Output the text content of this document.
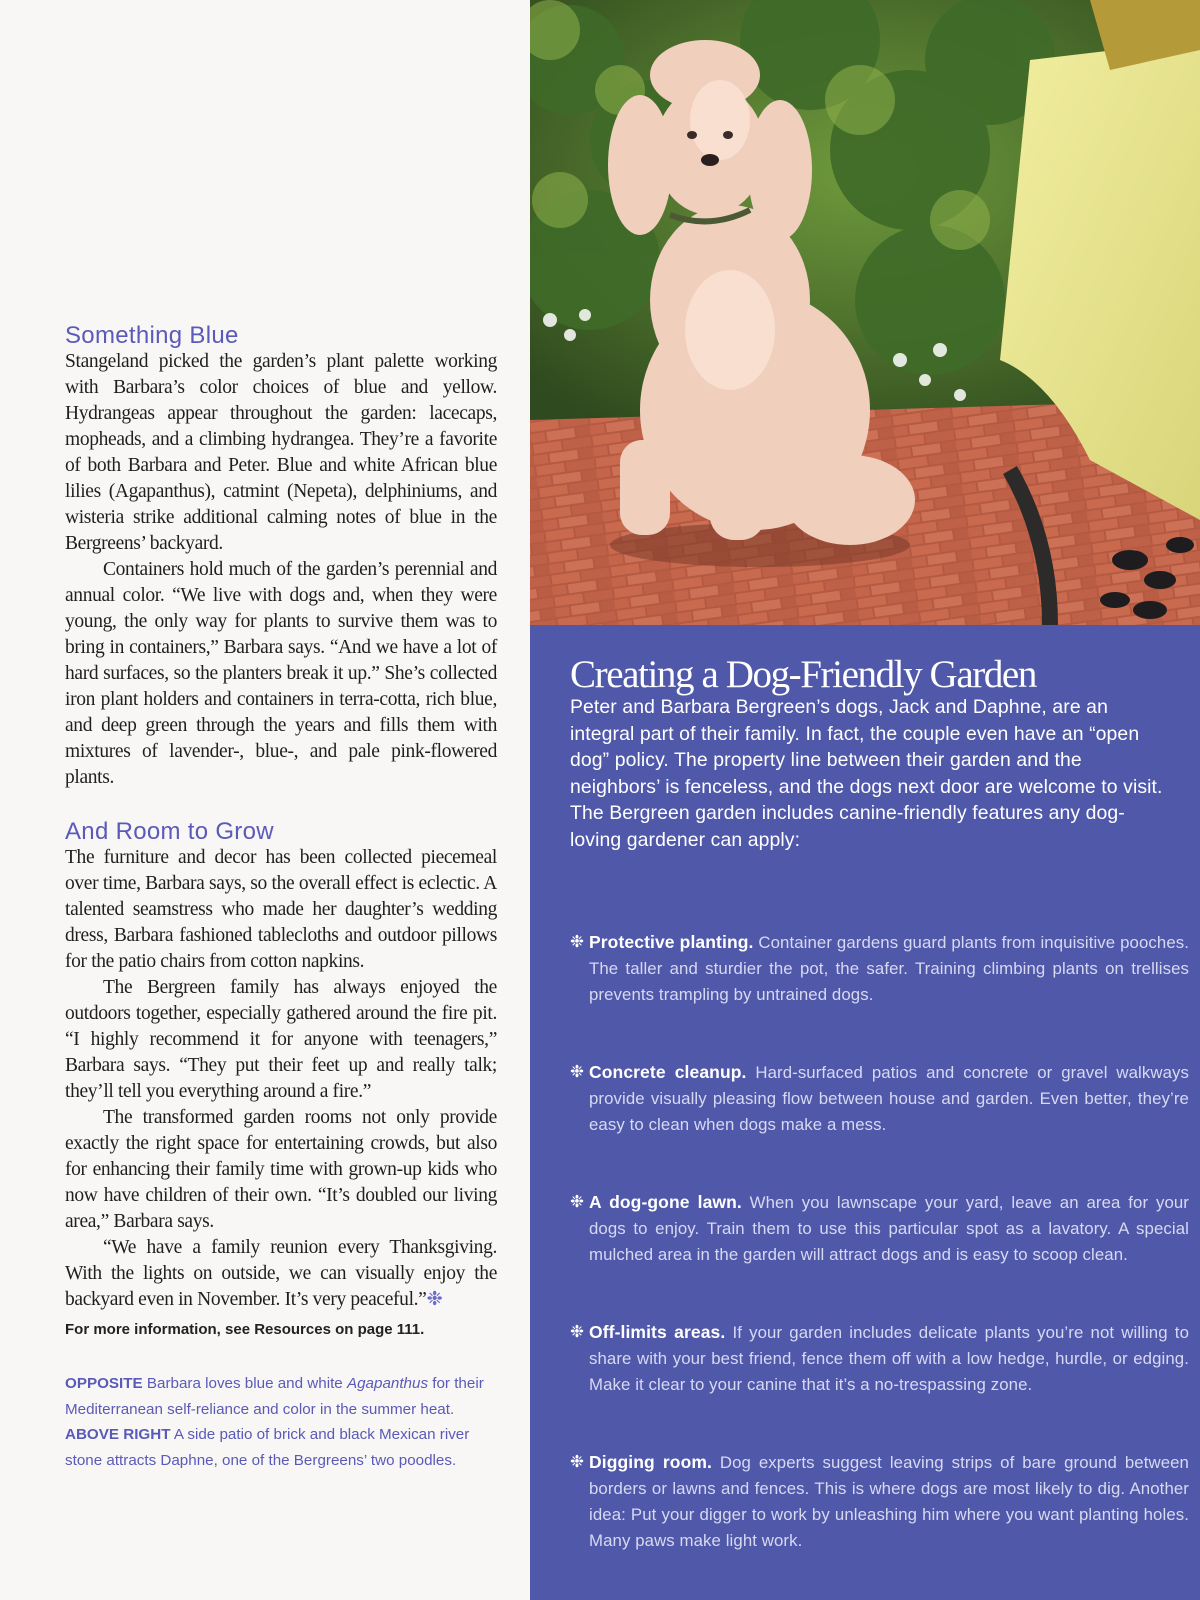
Something Blue

Stangeland picked the garden’s plant palette working with Barbara’s color choices of blue and yellow. Hydrangeas appear throughout the garden: lacecaps, mopheads, and a climbing hydrangea. They’re a favorite of both Barbara and Peter. Blue and white African blue lilies (Agapanthus), catmint (Nepeta), delphiniums, and wisteria strike additional calming notes of blue in the Bergreens’ backyard.

Containers hold much of the garden’s perennial and annual color. “We live with dogs and, when they were young, the only way for plants to survive them was to bring in containers,” Barbara says. “And we have a lot of hard surfaces, so the planters break it up.” She’s collected iron plant holders and containers in terra-cotta, rich blue, and deep green through the years and fills them with mixtures of lavender-, blue-, and pale pink-flowered plants.

And Room to Grow

The furniture and decor has been collected piecemeal over time, Barbara says, so the overall effect is eclectic. A talented seamstress who made her daughter’s wedding dress, Barbara fashioned tablecloths and outdoor pillows for the patio chairs from cotton napkins.

The Bergreen family has always enjoyed the outdoors together, especially gathered around the fire pit. “I highly recommend it for anyone with teenagers,” Barbara says. “They put their feet up and really talk; they’ll tell you everything around a fire.”

The transformed garden rooms not only provide exactly the right space for entertaining crowds, but also for enhancing their family time with grown-up kids who now have children of their own. “It’s doubled our living area,” Barbara says.

“We have a family reunion every Thanksgiving. With the lights on outside, we can visually enjoy the backyard even in November. It’s very peaceful.”❉

For more information, see Resources on page 111.

OPPOSITE Barbara loves blue and white Agapanthus for their Mediterranean self-reliance and color in the summer heat. ABOVE RIGHT A side patio of brick and black Mexican river stone attracts Daphne, one of the Bergreens’ two poodles.

Creating a Dog-Friendly Garden

Peter and Barbara Bergreen’s dogs, Jack and Daphne, are an integral part of their family. In fact, the couple even have an “open dog” policy. The property line between their garden and the neighbors’ is fenceless, and the dogs next door are welcome to visit. The Bergreen garden includes canine-friendly features any dog-loving gardener can apply:

❉ Protective planting. Container gardens guard plants from inquisitive pooches. The taller and sturdier the pot, the safer. Training climbing plants on trellises prevents trampling by untrained dogs.

❉ Concrete cleanup. Hard-surfaced patios and concrete or gravel walkways provide visually pleasing flow between house and garden. Even better, they’re easy to clean when dogs make a mess.

❉ A dog-gone lawn. When you lawnscape your yard, leave an area for your dogs to enjoy. Train them to use this particular spot as a lavatory. A special mulched area in the garden will attract dogs and is easy to scoop clean.

❉ Off-limits areas. If your garden includes delicate plants you’re not willing to share with your best friend, fence them off with a low hedge, hurdle, or edging. Make it clear to your canine that it’s a no-trespassing zone.

❉ Digging room. Dog experts suggest leaving strips of bare ground between borders or lawns and fences. This is where dogs are most likely to dig. Another idea: Put your digger to work by unleashing him where you want planting holes. Many paws make light work.
